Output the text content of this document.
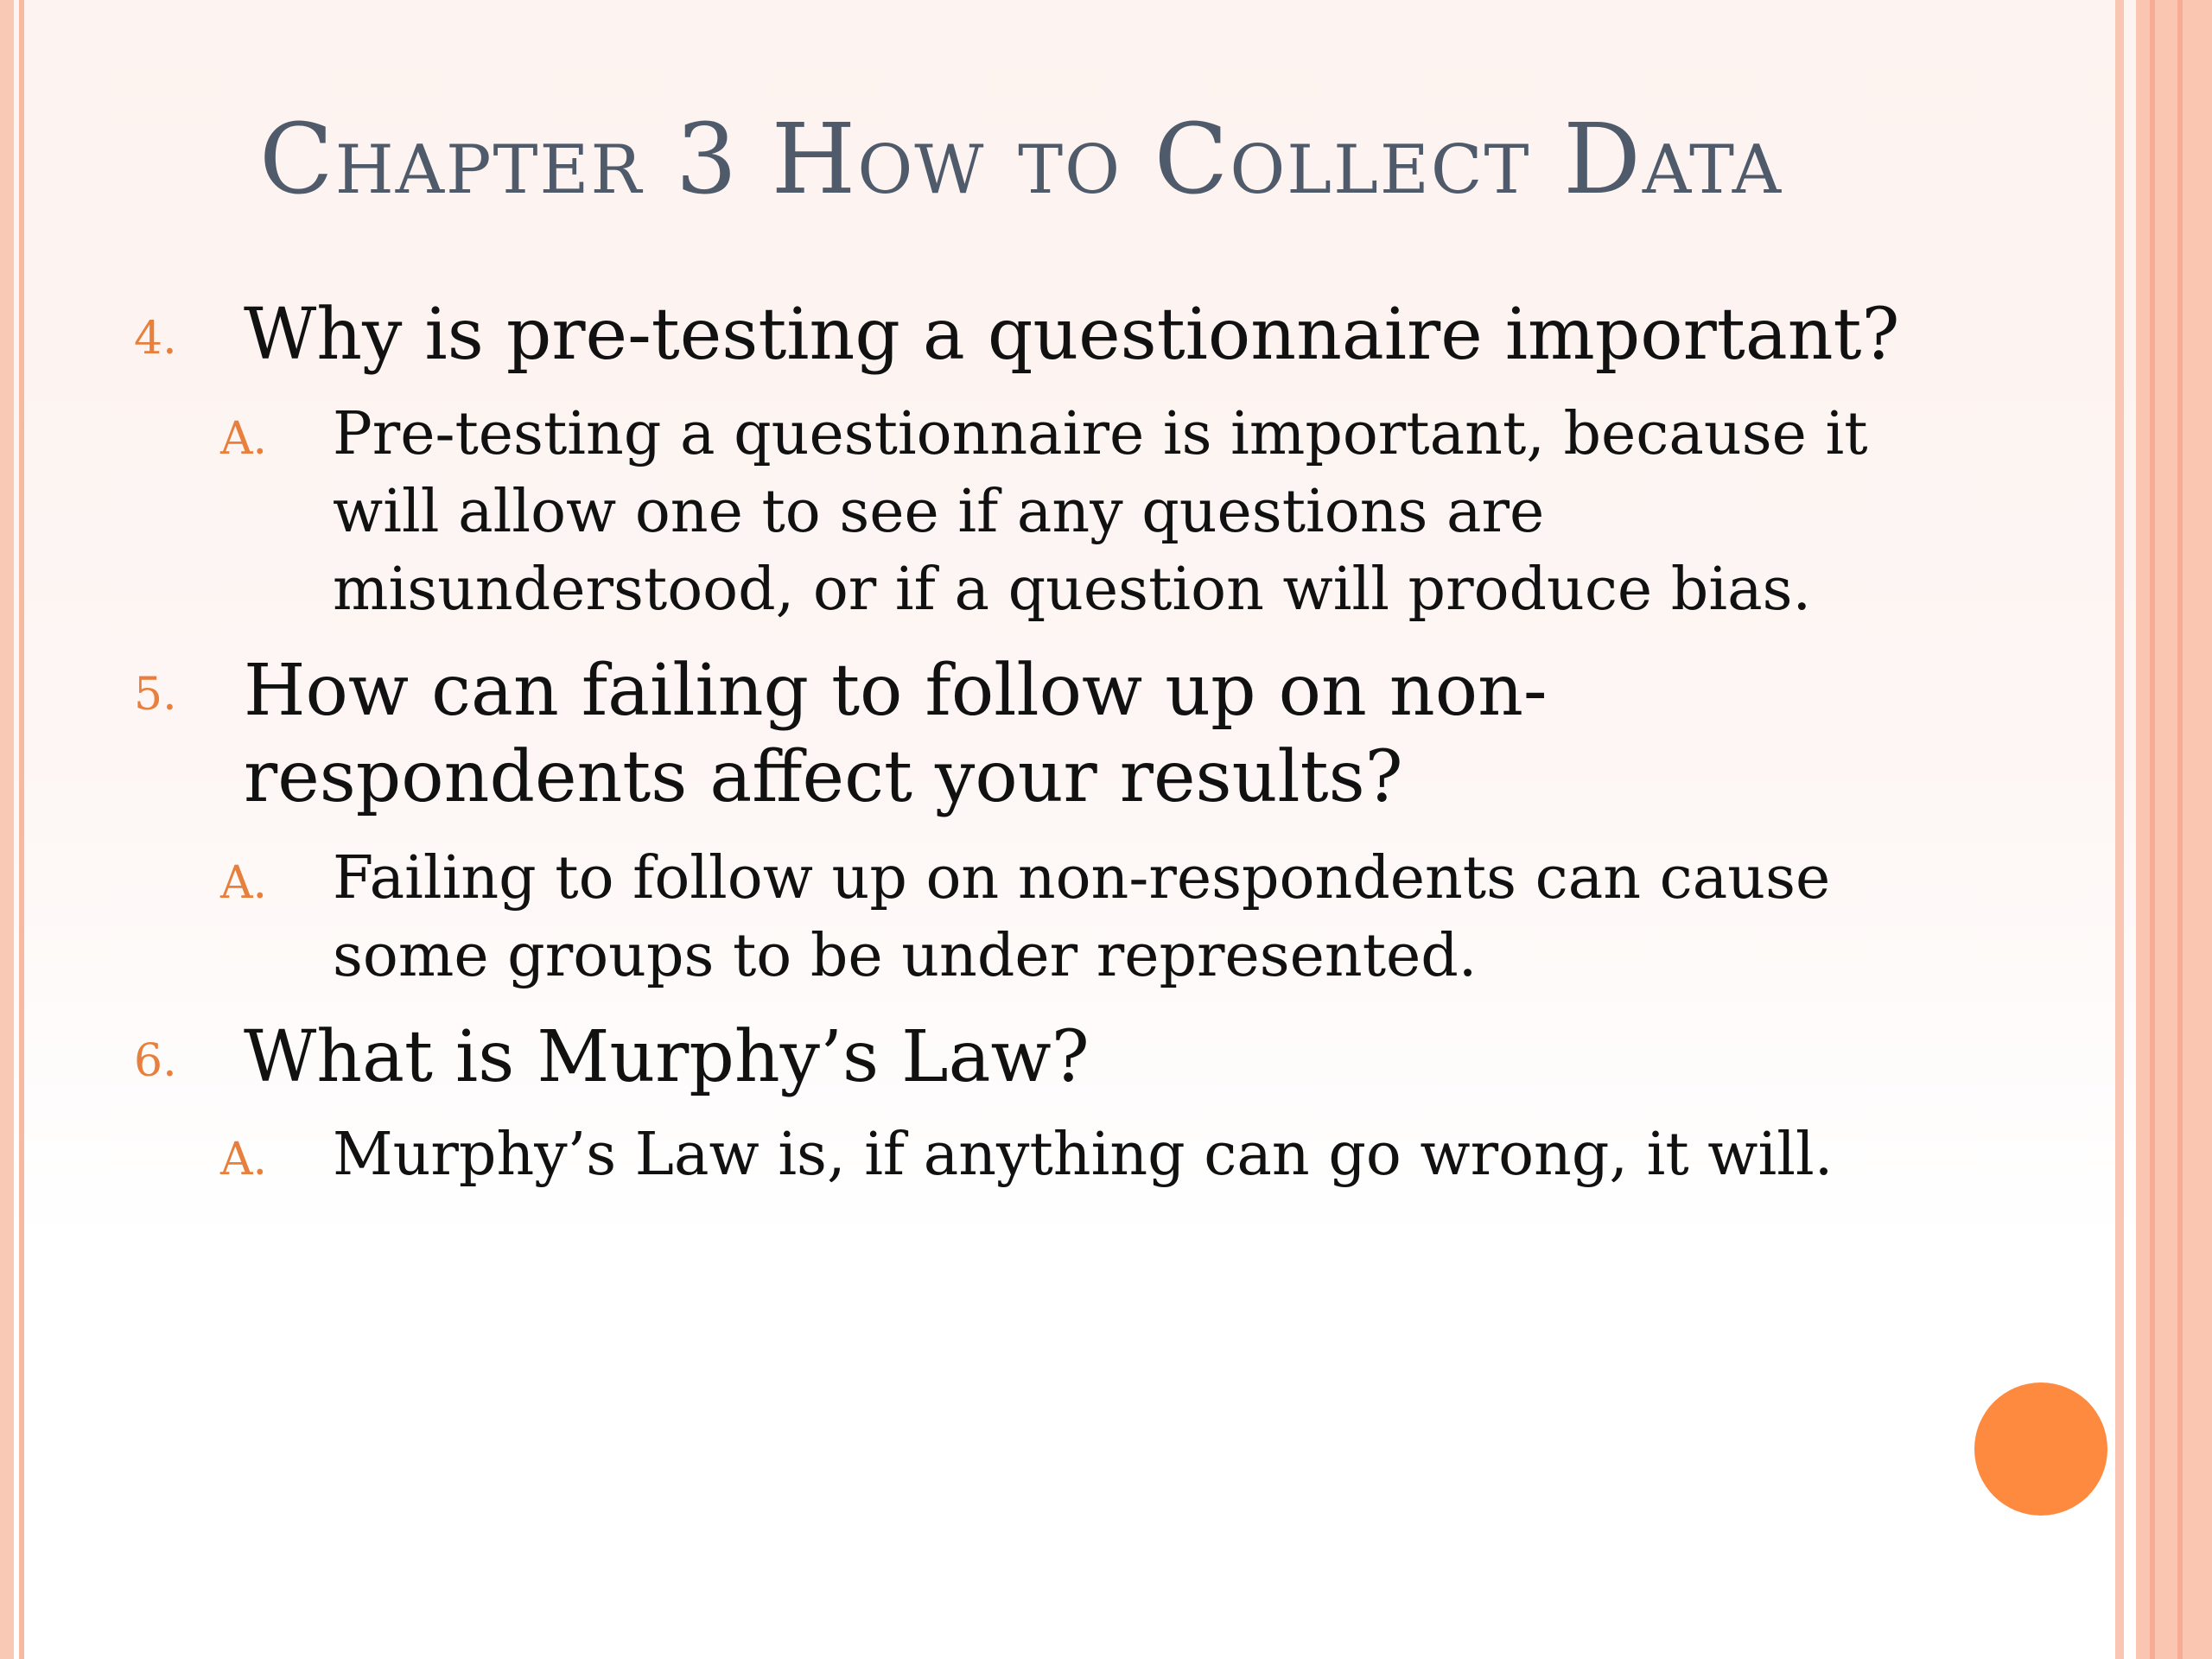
Chapter 3 How to Collect Data
4. Why is pre-testing a questionnaire important?
A. Pre-testing a questionnaire is important, because it will allow one to see if any questions are misunderstood, or if a question will produce bias.
5. How can failing to follow up on non-respondents affect your results?
A. Failing to follow up on non-respondents can cause some groups to be under represented.
6. What is Murphy’s Law?
A. Murphy’s Law is, if anything can go wrong, it will.
